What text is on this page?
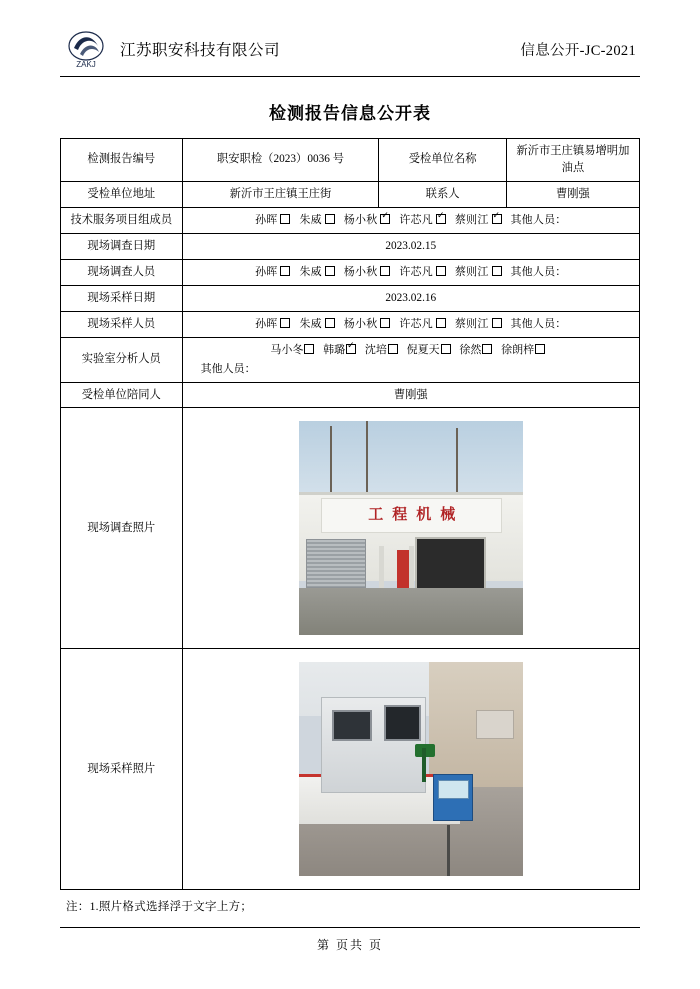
ZAKJ
江苏职安科技有限公司	信息公开-JC-2021
检测报告信息公开表
检测报告编号	职安职检（2023）0036 号	受检单位名称	新沂市王庄镇易增明加油点
受检单位地址	新沂市王庄镇王庄街	联系人	曹刚强
技术服务项目组成员	孙晖 朱威 杨小秋 ✓ 许芯凡 ✓ 蔡则江 ✓ 其他人员：
现场调查日期	2023.02.15		
现场调查人员	孙晖 朱威 杨小秋 许芯凡 蔡则江 其他人员：		
现场采样日期	2023.02.16		
现场采样人员	孙晖 朱威 杨小秋 许芯凡 蔡则江 其他人员：		
实验室分析人员	马小冬 韩璐 ✓ 沈培 倪夏天 徐然 徐朗梓
其他人员：

受检单位陪同人	曹刚强		
现场调查照片	工 程 机 械		

现场采样照片			
注：1.照片格式选择浮于文字上方；
第 页共 页
